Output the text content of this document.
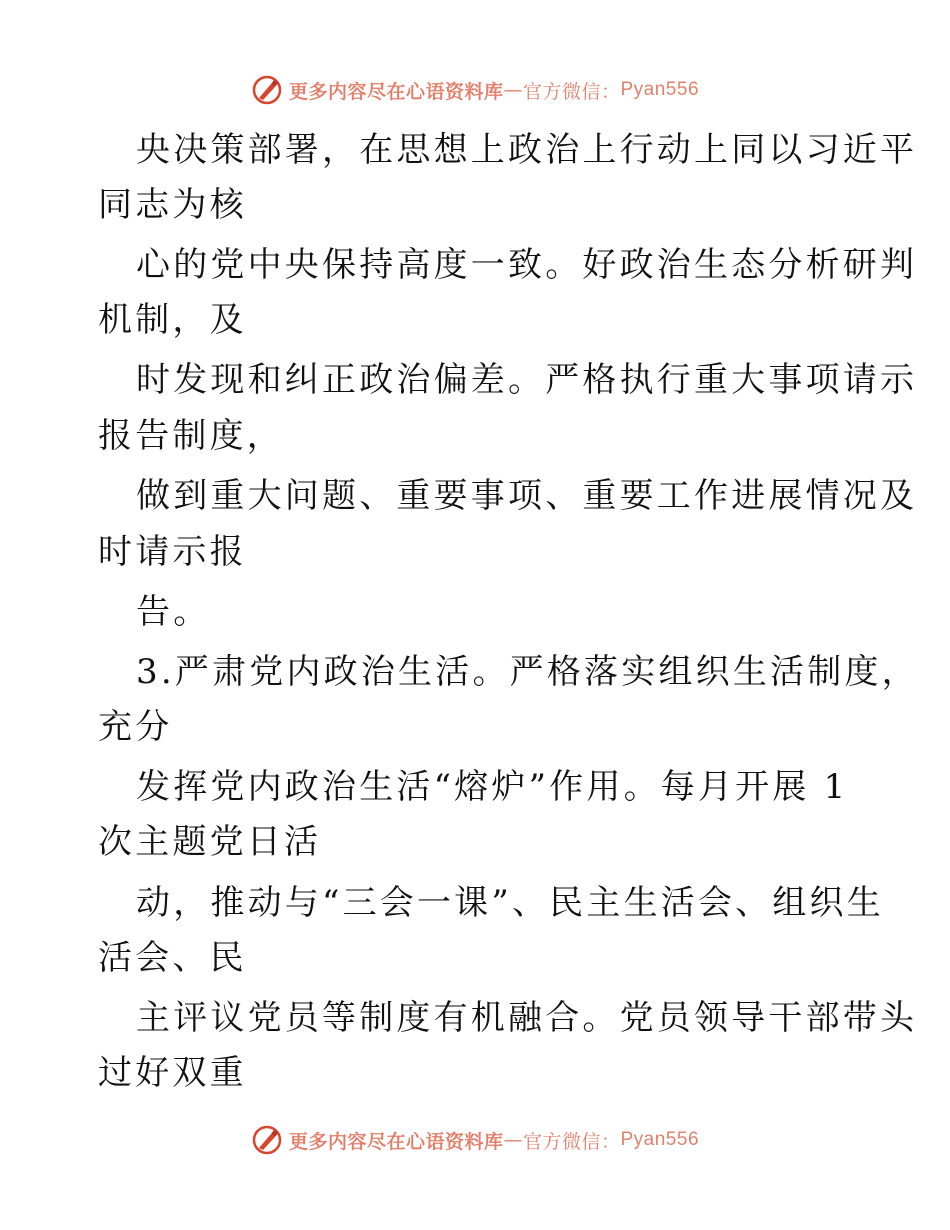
更多内容尽在心语资料库 — 官方微信： Pyan556
央决策部署，在思想上政治上行动上同以习近平
同志为核
心的党中央保持高度一致。好政治生态分析研判
机制，及
时发现和纠正政治偏差。严格执行重大事项请示
报告制度，
做到重大问题、重要事项、重要工作进展情况及
时请示报
告。
3.严肃党内政治生活。严格落实组织生活制度，
充分
发挥党内政治生活“熔炉”作用。每月开展 1
次主题党日活
动，推动与“三会一课”、民主生活会、组织生
活会、民
主评议党员等制度有机融合。党员领导干部带头
过好双重
更多内容尽在心语资料库 — 官方微信： Pyan556
